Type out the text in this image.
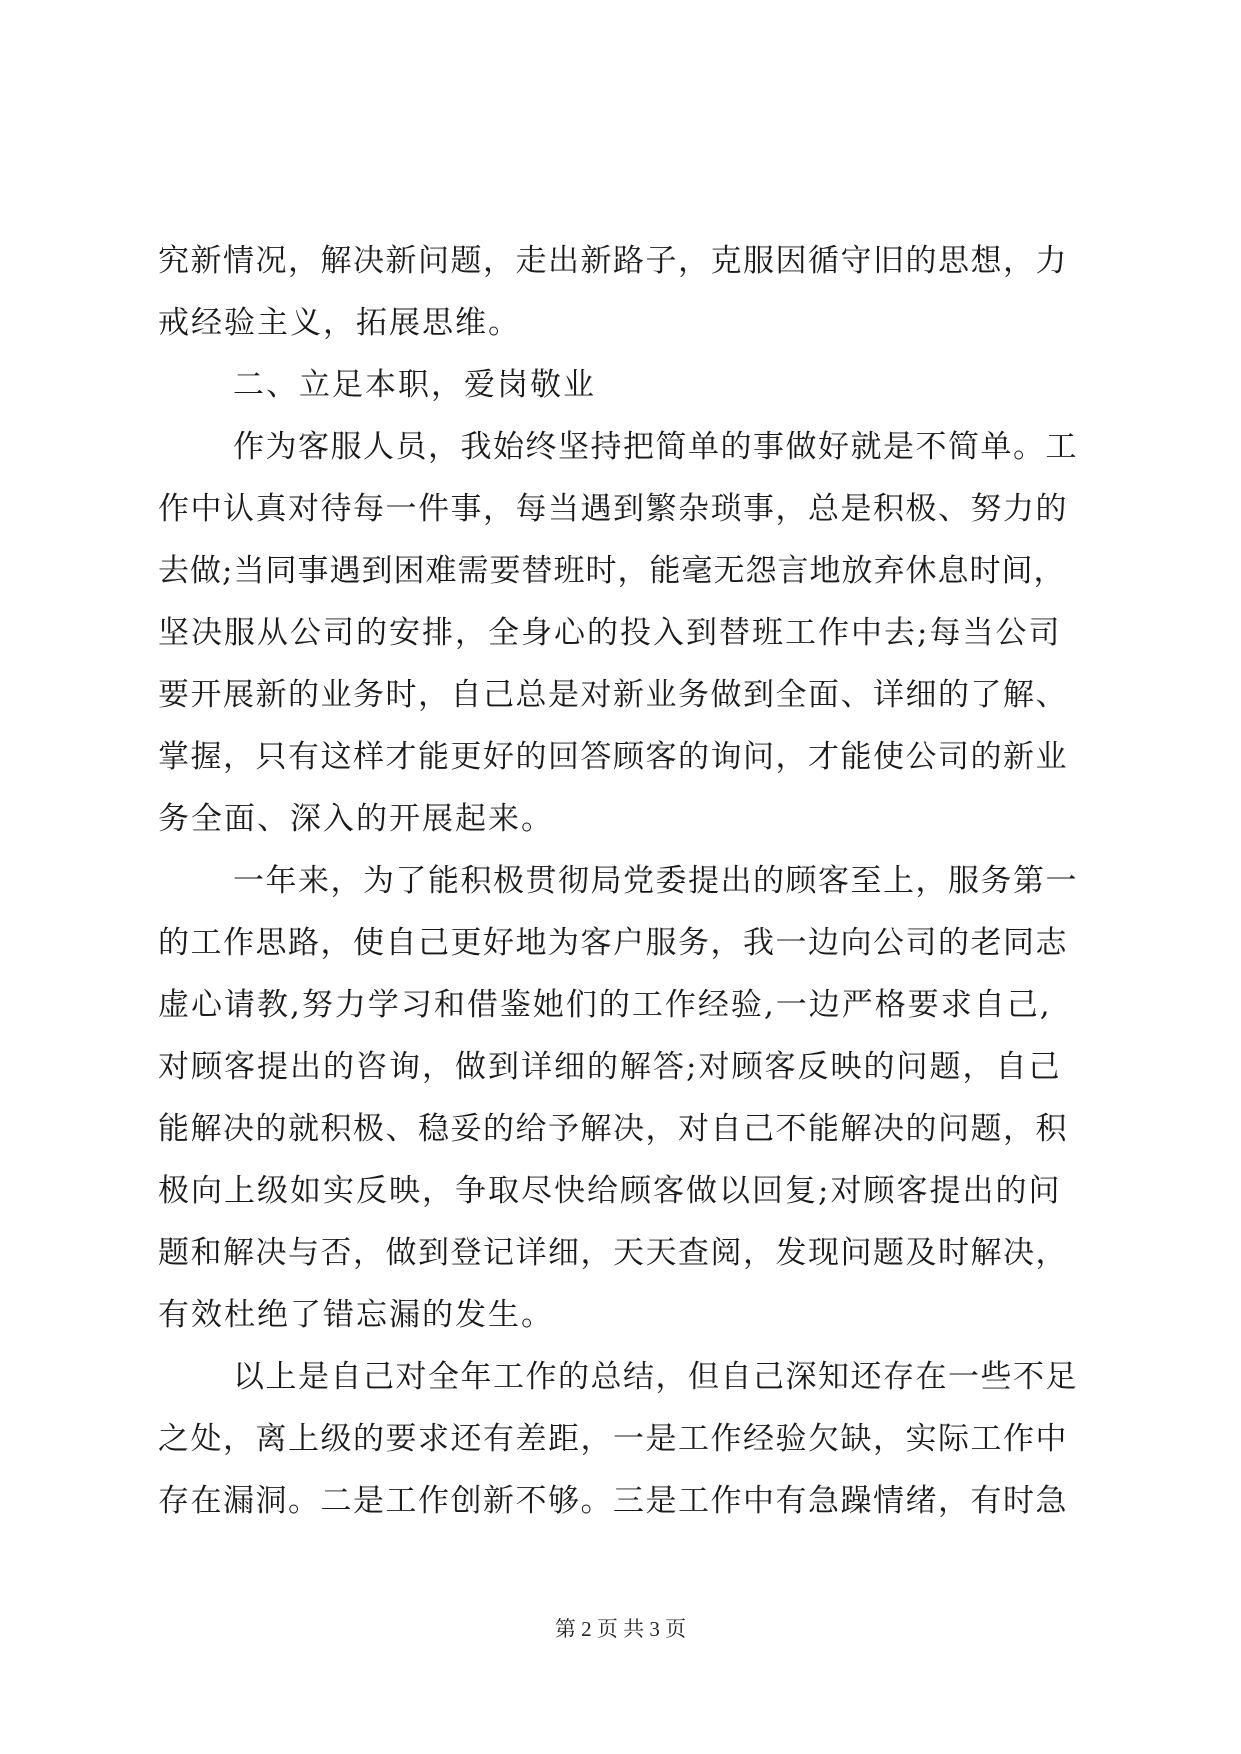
究新情况，解决新问题，走出新路子，克服因循守旧的思想，力
戒经验主义，拓展思维。
二、立足本职，爱岗敬业
作为客服人员，我始终坚持把简单的事做好就是不简单。工
作中认真对待每一件事，每当遇到繁杂琐事，总是积极、努力的
去做;当同事遇到困难需要替班时，能毫无怨言地放弃休息时间，
坚决服从公司的安排，全身心的投入到替班工作中去;每当公司
要开展新的业务时，自己总是对新业务做到全面、详细的了解、
掌握，只有这样才能更好的回答顾客的询问，才能使公司的新业
务全面、深入的开展起来。
一年来，为了能积极贯彻局党委提出的顾客至上，服务第一
的工作思路，使自己更好地为客户服务，我一边向公司的老同志
虚心请教,努力学习和借鉴她们的工作经验,一边严格要求自己,
对顾客提出的咨询，做到详细的解答;对顾客反映的问题，自己
能解决的就积极、稳妥的给予解决，对自己不能解决的问题，积
极向上级如实反映，争取尽快给顾客做以回复;对顾客提出的问
题和解决与否，做到登记详细，天天查阅，发现问题及时解决，
有效杜绝了错忘漏的发生。
以上是自己对全年工作的总结，但自己深知还存在一些不足
之处，离上级的要求还有差距，一是工作经验欠缺，实际工作中
存在漏洞。二是工作创新不够。三是工作中有急躁情绪，有时急
第 2 页 共 3 页
